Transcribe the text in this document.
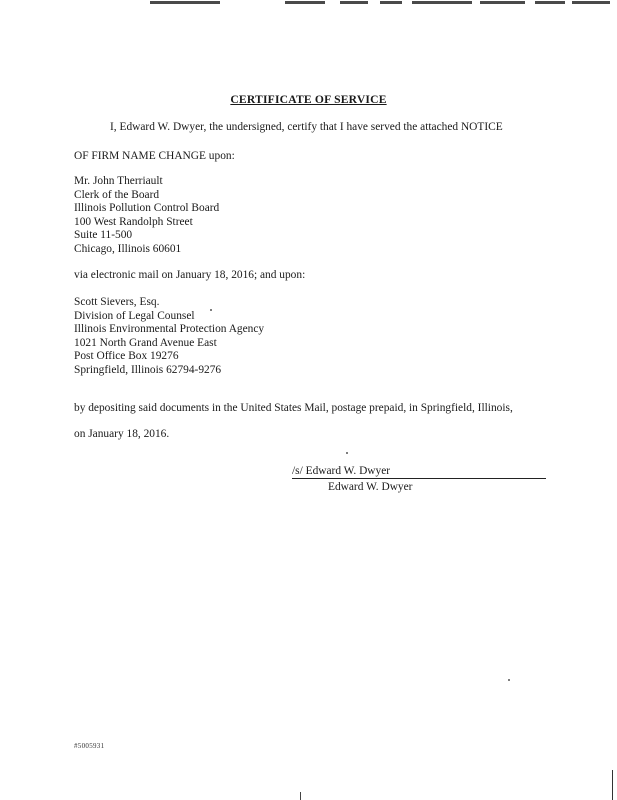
CERTIFICATE OF SERVICE
I, Edward W. Dwyer, the undersigned, certify that I have served the attached NOTICE
OF FIRM NAME CHANGE upon:
Mr. John Therriault
Clerk of the Board
Illinois Pollution Control Board
100 West Randolph Street
Suite 11-500
Chicago, Illinois 60601
via electronic mail on January 18, 2016; and upon:
Scott Sievers, Esq.
Division of Legal Counsel
Illinois Environmental Protection Agency
1021 North Grand Avenue East
Post Office Box 19276
Springfield, Illinois 62794-9276
by depositing said documents in the United States Mail, postage prepaid, in Springfield, Illinois,
on January 18, 2016.
/s/ Edward W. Dwyer
Edward W. Dwyer
#5005931
